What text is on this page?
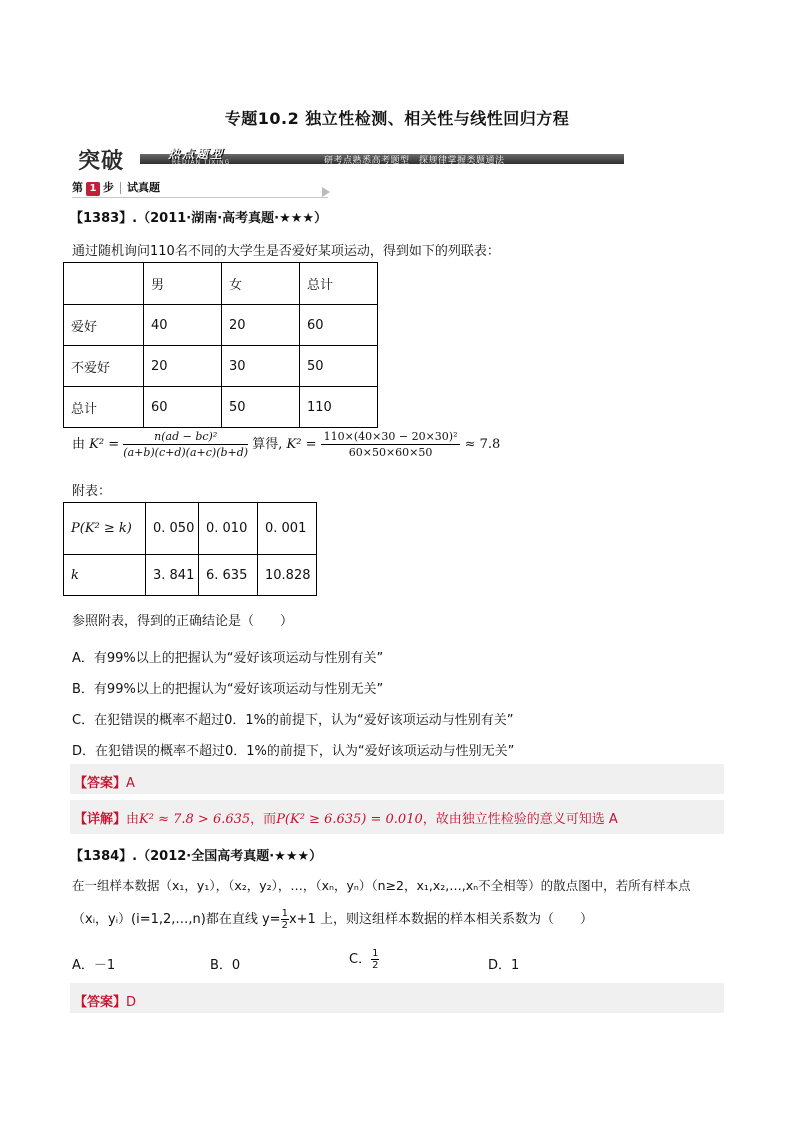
专题10.2 独立性检测、相关性与线性回归方程
突破	热点题型
REDIAN TIXING	研考点熟悉高考题型　探规律掌握类题通法
第 1 步 试真题
【1383】.（2011·湖南·高考真题·★★★）
通过随机询问110名不同的大学生是否爱好某项运动，得到如下的列联表：
	男	女	总计
爱好	40	20	60
不爱好	20	30	50
总计	60	50	110
由 $K^2 = \frac{\text{n(ad − bc)²}}{(a+b)(c+d)(a+c)(b+d)}$ 算得, $K^2 = \frac{\text{110×(40×30 − 20×30)²}}{60\times 50\times 60\times 50} \approx 7.8$
附表：
P(K² ≥ k)	0. 050	0. 010	0. 001
k	3. 841	6. 635	10.828
参照附表，得到的正确结论是（　　）
A．有99%以上的把握认为“爱好该项运动与性别有关”
B．有99%以上的把握认为“爱好该项运动与性别无关”
C．在犯错误的概率不超过0．1%的前提下，认为“爱好该项运动与性别有关”
D．在犯错误的概率不超过0．1%的前提下，认为“爱好该项运动与性别无关”
【答案】A
【详解】由K² ≈ 7.8 > 6.635，而P(K² ≥ 6.635) = 0.010，故由独立性检验的意义可知选 A
【1384】.（2012·全国高考真题·★★★）
在一组样本数据（x₁，y₁），（x₂，y₂），…，（xₙ，yₙ）（n≥2，x₁,x₂,…,xₙ不全相等）的散点图中，若所有样本点
（xᵢ，yᵢ）(i=1,2,…,n)都在直线 $y= \frac{1}{2}x+1$ 上，则这组样本数据的样本相关系数为（　　）
A．－1	B．0	C． $\frac{1}{2}$	D．1
【答案】D
